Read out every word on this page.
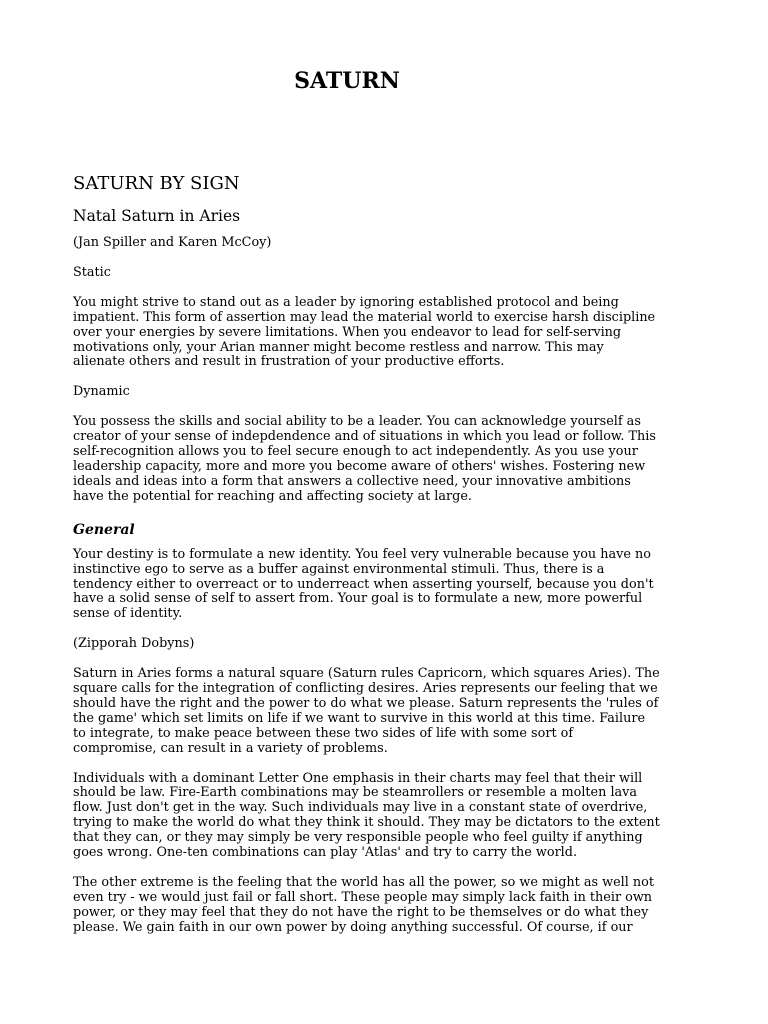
SATURN
SATURN BY SIGN
Natal Saturn in Aries

(Jan Spiller and Karen McCoy)

Static

You might strive to stand out as a leader by ignoring established protocol and being
impatient. This form of assertion may lead the material world to exercise harsh discipline
over your energies by severe limitations. When you endeavor to lead for self-serving
motivations only, your Arian manner might become restless and narrow. This may
alienate others and result in frustration of your productive efforts.

Dynamic

You possess the skills and social ability to be a leader. You can acknowledge yourself as
creator of your sense of indepdendence and of situations in which you lead or follow. This
self-recognition allows you to feel secure enough to act independently. As you use your
leadership capacity, more and more you become aware of others' wishes. Fostering new
ideals and ideas into a form that answers a collective need, your innovative ambitions
have the potential for reaching and affecting society at large.

General

Your destiny is to formulate a new identity. You feel very vulnerable because you have no
instinctive ego to serve as a buffer against environmental stimuli. Thus, there is a
tendency either to overreact or to underreact when asserting yourself, because you don't
have a solid sense of self to assert from. Your goal is to formulate a new, more powerful
sense of identity.

(Zipporah Dobyns)

Saturn in Aries forms a natural square (Saturn rules Capricorn, which squares Aries). The
square calls for the integration of conflicting desires. Aries represents our feeling that we
should have the right and the power to do what we please. Saturn represents the 'rules of
the game' which set limits on life if we want to survive in this world at this time. Failure
to integrate, to make peace between these two sides of life with some sort of
compromise, can result in a variety of problems.

Individuals with a dominant Letter One emphasis in their charts may feel that their will
should be law. Fire-Earth combinations may be steamrollers or resemble a molten lava
flow. Just don't get in the way. Such individuals may live in a constant state of overdrive,
trying to make the world do what they think it should. They may be dictators to the extent
that they can, or they may simply be very responsible people who feel guilty if anything
goes wrong. One-ten combinations can play 'Atlas' and try to carry the world.

The other extreme is the feeling that the world has all the power, so we might as well not
even try - we would just fail or fall short. These people may simply lack faith in their own
power, or they may feel that they do not have the right to be themselves or do what they
please. We gain faith in our own power by doing anything successful. Of course, if our
